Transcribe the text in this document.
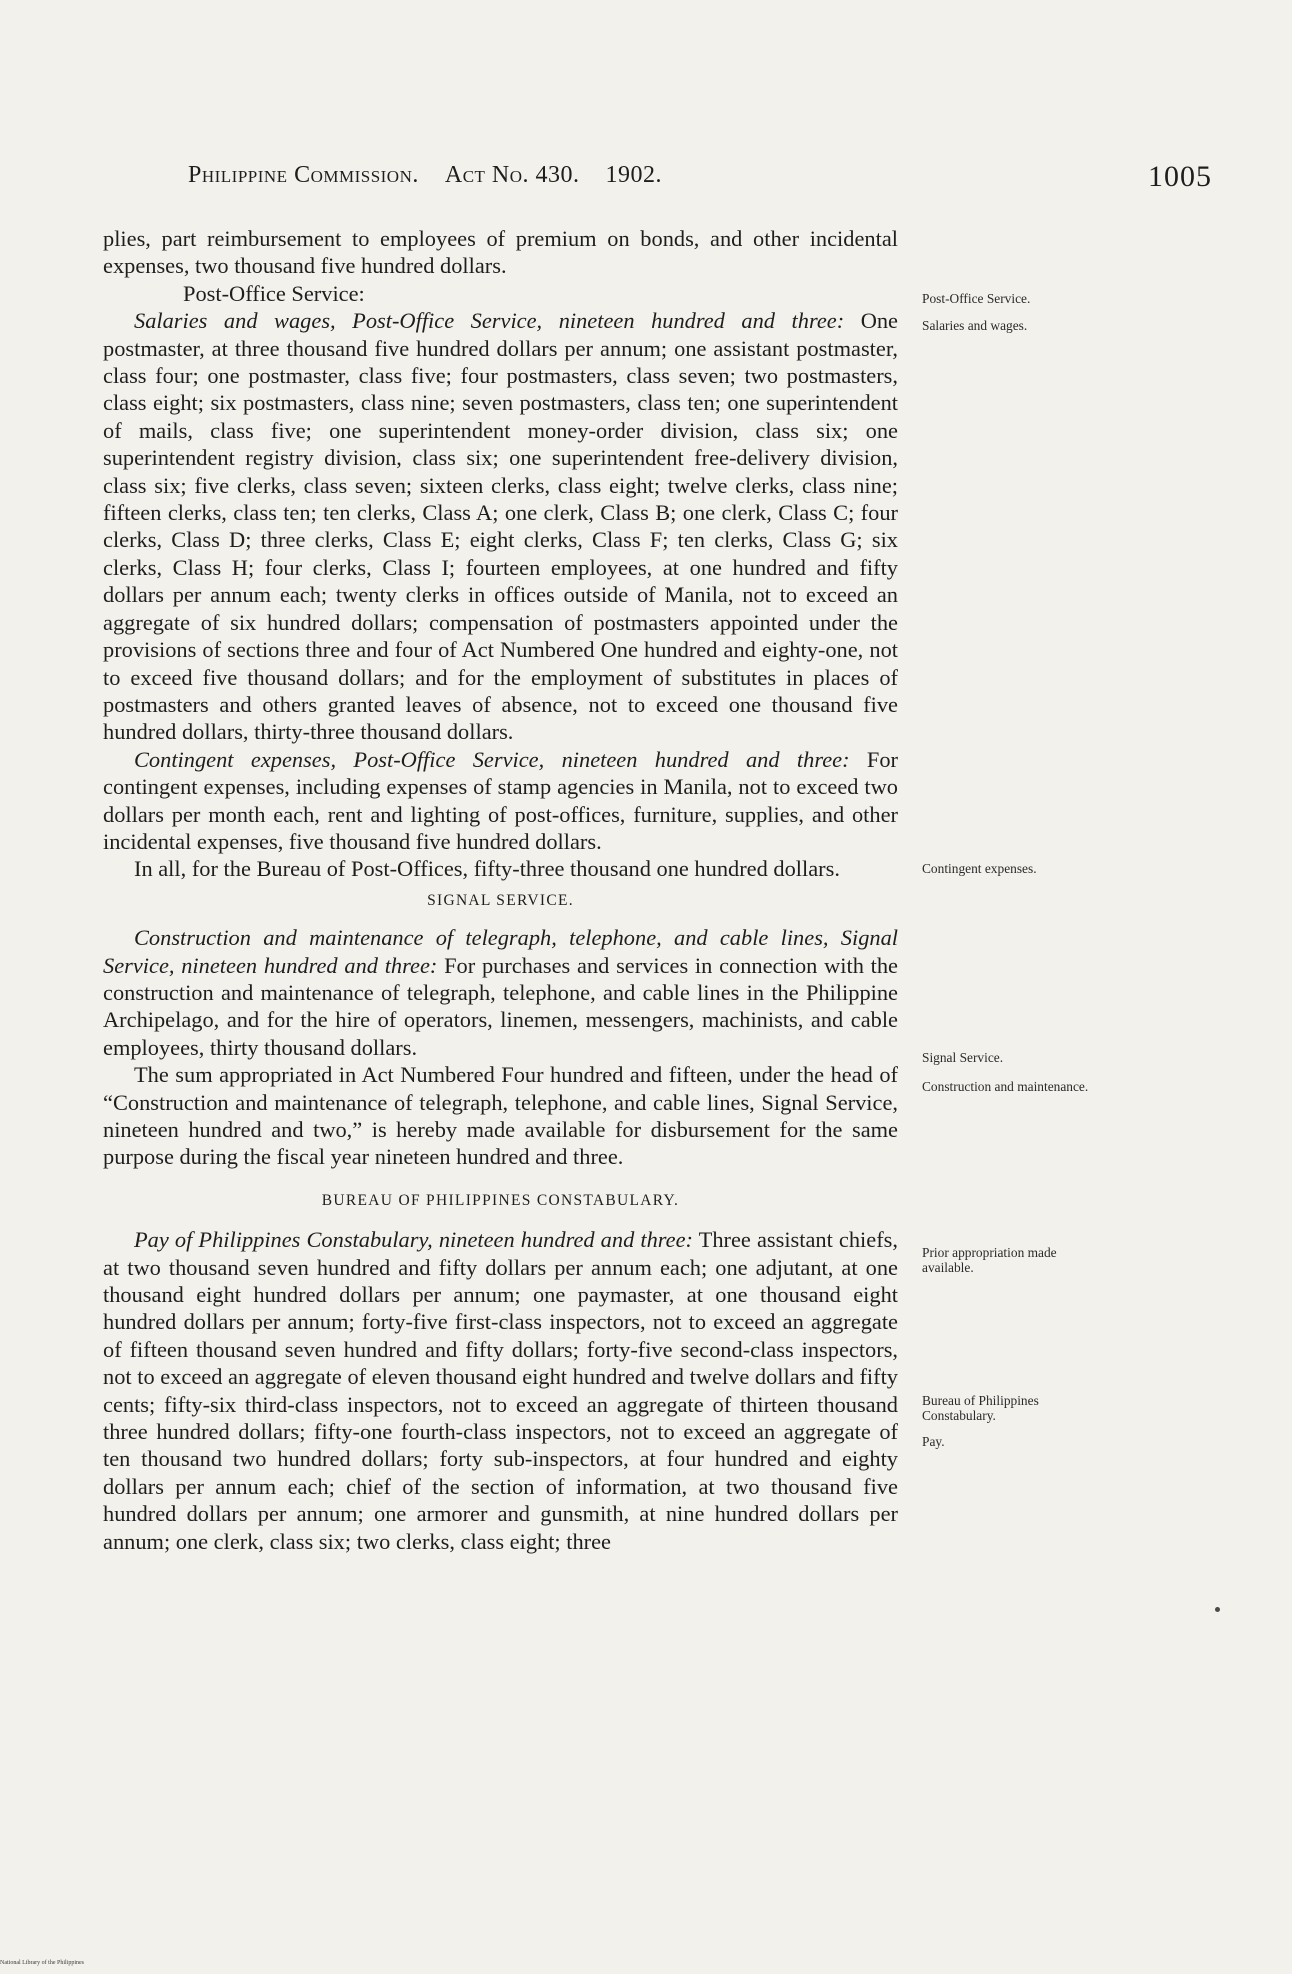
Philippine Commission. Act No. 430. 1902.	1005

plies, part reimbursement to employees of premium on bonds, and other incidental expenses, two thousand five hundred dollars.

Post-Office Service:

Salaries and wages, Post-Office Service, nineteen hundred and three: One postmaster, at three thousand five hundred dollars per annum; one assistant postmaster, class four; one postmaster, class five; four postmasters, class seven; two postmasters, class eight; six postmasters, class nine; seven postmasters, class ten; one superintendent of mails, class five; one superintendent money-order division, class six; one superintendent registry division, class six; one superintendent free-delivery division, class six; five clerks, class seven; sixteen clerks, class eight; twelve clerks, class nine; fifteen clerks, class ten; ten clerks, Class A; one clerk, Class B; one clerk, Class C; four clerks, Class D; three clerks, Class E; eight clerks, Class F; ten clerks, Class G; six clerks, Class H; four clerks, Class I; fourteen employees, at one hundred and fifty dollars per annum each; twenty clerks in offices outside of Manila, not to exceed an aggregate of six hundred dollars; compensation of postmasters appointed under the provisions of sections three and four of Act Numbered One hundred and eighty-one, not to exceed five thousand dollars; and for the employment of substitutes in places of postmasters and others granted leaves of absence, not to exceed one thousand five hundred dollars, thirty-three thousand dollars.

Contingent expenses, Post-Office Service, nineteen hundred and three: For contingent expenses, including expenses of stamp agencies in Manila, not to exceed two dollars per month each, rent and lighting of post-offices, furniture, supplies, and other incidental expenses, five thousand five hundred dollars.

In all, for the Bureau of Post-Offices, fifty-three thousand one hundred dollars.

SIGNAL SERVICE.

Construction and maintenance of telegraph, telephone, and cable lines, Signal Service, nineteen hundred and three: For purchases and services in connection with the construction and maintenance of telegraph, telephone, and cable lines in the Philippine Archipelago, and for the hire of operators, linemen, messengers, machinists, and cable employees, thirty thousand dollars.

The sum appropriated in Act Numbered Four hundred and fifteen, under the head of “Construction and maintenance of telegraph, telephone, and cable lines, Signal Service, nineteen hundred and two,” is hereby made available for disbursement for the same purpose during the fiscal year nineteen hundred and three.

BUREAU OF PHILIPPINES CONSTABULARY.

Pay of Philippines Constabulary, nineteen hundred and three: Three assistant chiefs, at two thousand seven hundred and fifty dollars per annum each; one adjutant, at one thousand eight hundred dollars per annum; one paymaster, at one thousand eight hundred dollars per annum; forty-five first-class inspectors, not to exceed an aggregate of fifteen thousand seven hundred and fifty dollars; forty-five second-class inspectors, not to exceed an aggregate of eleven thousand eight hundred and twelve dollars and fifty cents; fifty-six third-class inspectors, not to exceed an aggregate of thirteen thousand three hundred dollars; fifty-one fourth-class inspectors, not to exceed an aggregate of ten thousand two hundred dollars; forty sub-inspectors, at four hundred and eighty dollars per annum each; chief of the section of information, at two thousand five hundred dollars per annum; one armorer and gunsmith, at nine hundred dollars per annum; one clerk, class six; two clerks, class eight; three

Post-Office Service.
Salaries and wages.
Contingent expenses.
Signal Service.
Construction and maintenance.
Prior appropriation made available.
Bureau of Philippines Constabulary.
Pay.
National Library of the Philippines
